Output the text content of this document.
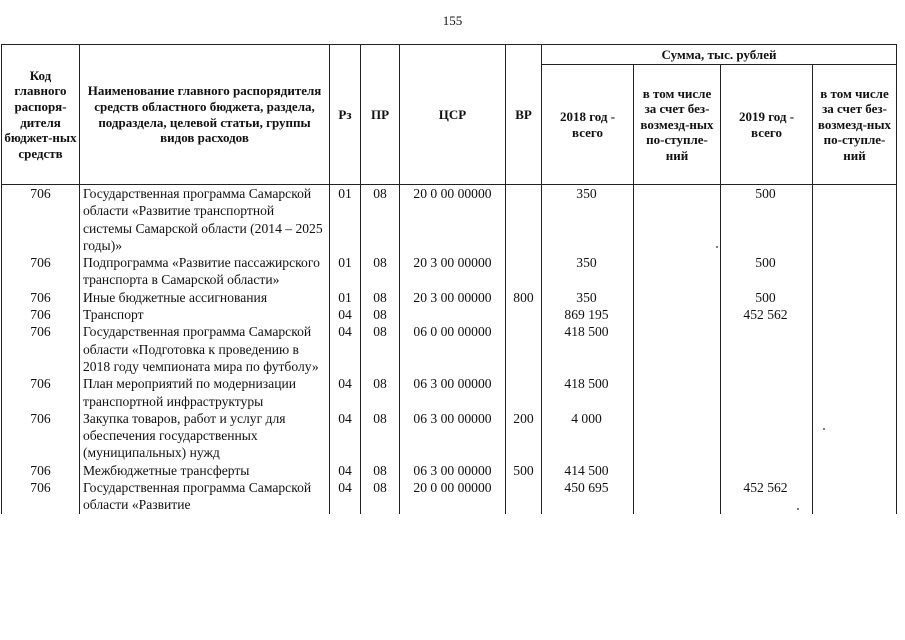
155
Код главного распоря-дителя бюджет-ных средств	Наименование главного распорядителя средств областного бюджета, раздела, подраздела, целевой статьи, группы видов расходов	Рз	ПР	ЦСР	ВР	Сумма, тыс. рублей			
						2018 год - всего	в том числе за счет без-возмезд-ных по-ступле-ний	2019 год - всего	в том числе за счет без-возмезд-ных по-ступле-ний
706	Государственная программа Самарской области «Развитие транспортной системы Самарской области (2014 – 2025 годы)»	01	08	20 0 00 00000		350		500	
706	Подпрограмма «Развитие пассажирского транспорта в Самарской области»	01	08	20 3 00 00000		350		500	
706	Иные бюджетные ассигнования	01	08	20 3 00 00000	800	350		500	
706	Транспорт	04	08			869 195		452 562	
706	Государственная программа Самарской области «Подготовка к проведению в 2018 году чемпионата мира по футболу»	04	08	06 0 00 00000		418 500			
706	План мероприятий по модернизации транспортной инфраструктуры	04	08	06 3 00 00000		418 500			
706	Закупка товаров, работ и услуг для обеспечения государственных (муниципальных) нужд	04	08	06 3 00 00000	200	4 000			
706	Межбюджетные трансферты	04	08	06 3 00 00000	500	414 500			
706	Государственная программа Самарской области «Развитие	04	08	20 0 00 00000		450 695		452 562	
